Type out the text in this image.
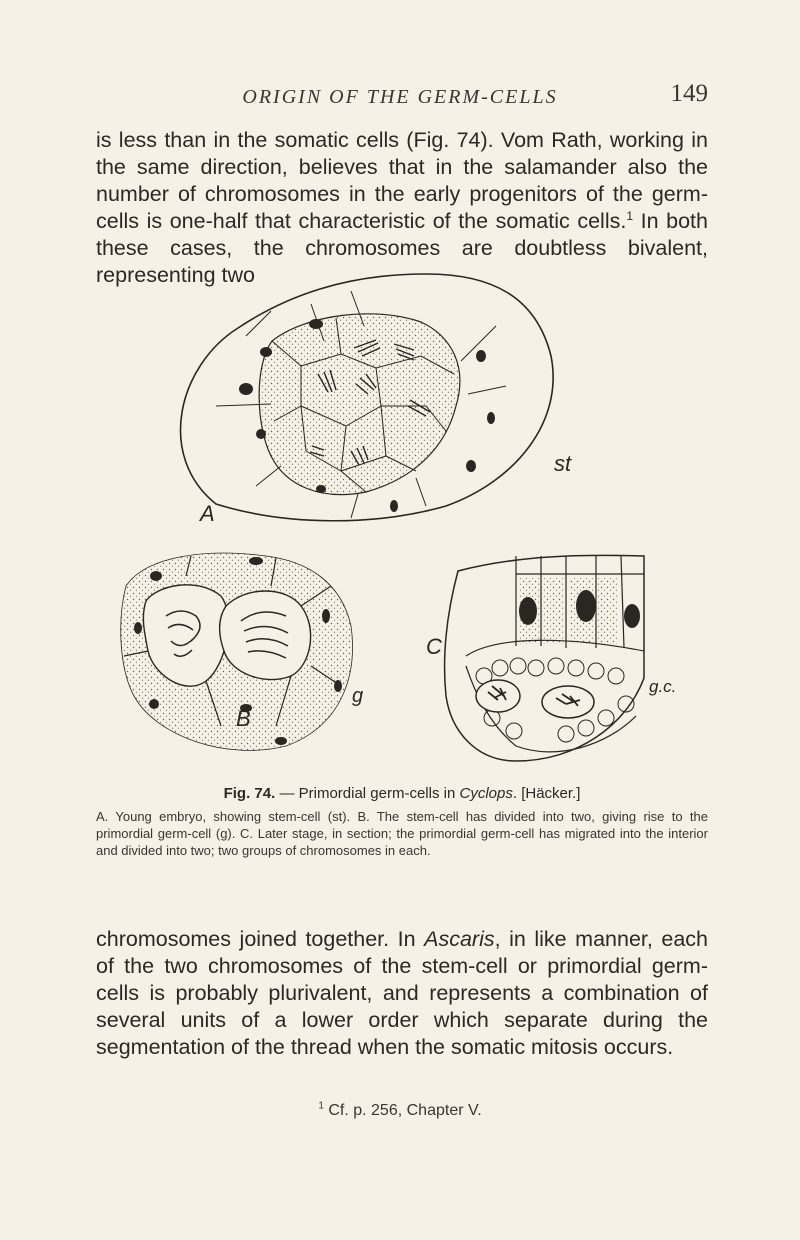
ORIGIN OF THE GERM-CELLS	149

is less than in the somatic cells (Fig. 74). Vom Rath, working in the same direction, believes that in the salamander also the number of chromosomes in the early progenitors of the germ-cells is one-half that characteristic of the somatic cells.$^1$ In both these cases, the chromosomes are doubtless bivalent, representing two

A
st
B
g
C
g.c.

Fig. 74. — Primordial germ-cells in Cyclops. [Häcker.]

A. Young embryo, showing stem-cell (st). B. The stem-cell has divided into two, giving rise to the primordial germ-cell (g). C. Later stage, in section; the primordial germ-cell has migrated into the interior and divided into two; two groups of chromosomes in each.

chromosomes joined together. In Ascaris, in like manner, each of the two chromosomes of the stem-cell or primordial germ-cells is probably plurivalent, and represents a combination of several units of a lower order which separate during the segmentation of the thread when the somatic mitosis occurs.

$^1$ Cf. p. 256, Chapter V.
